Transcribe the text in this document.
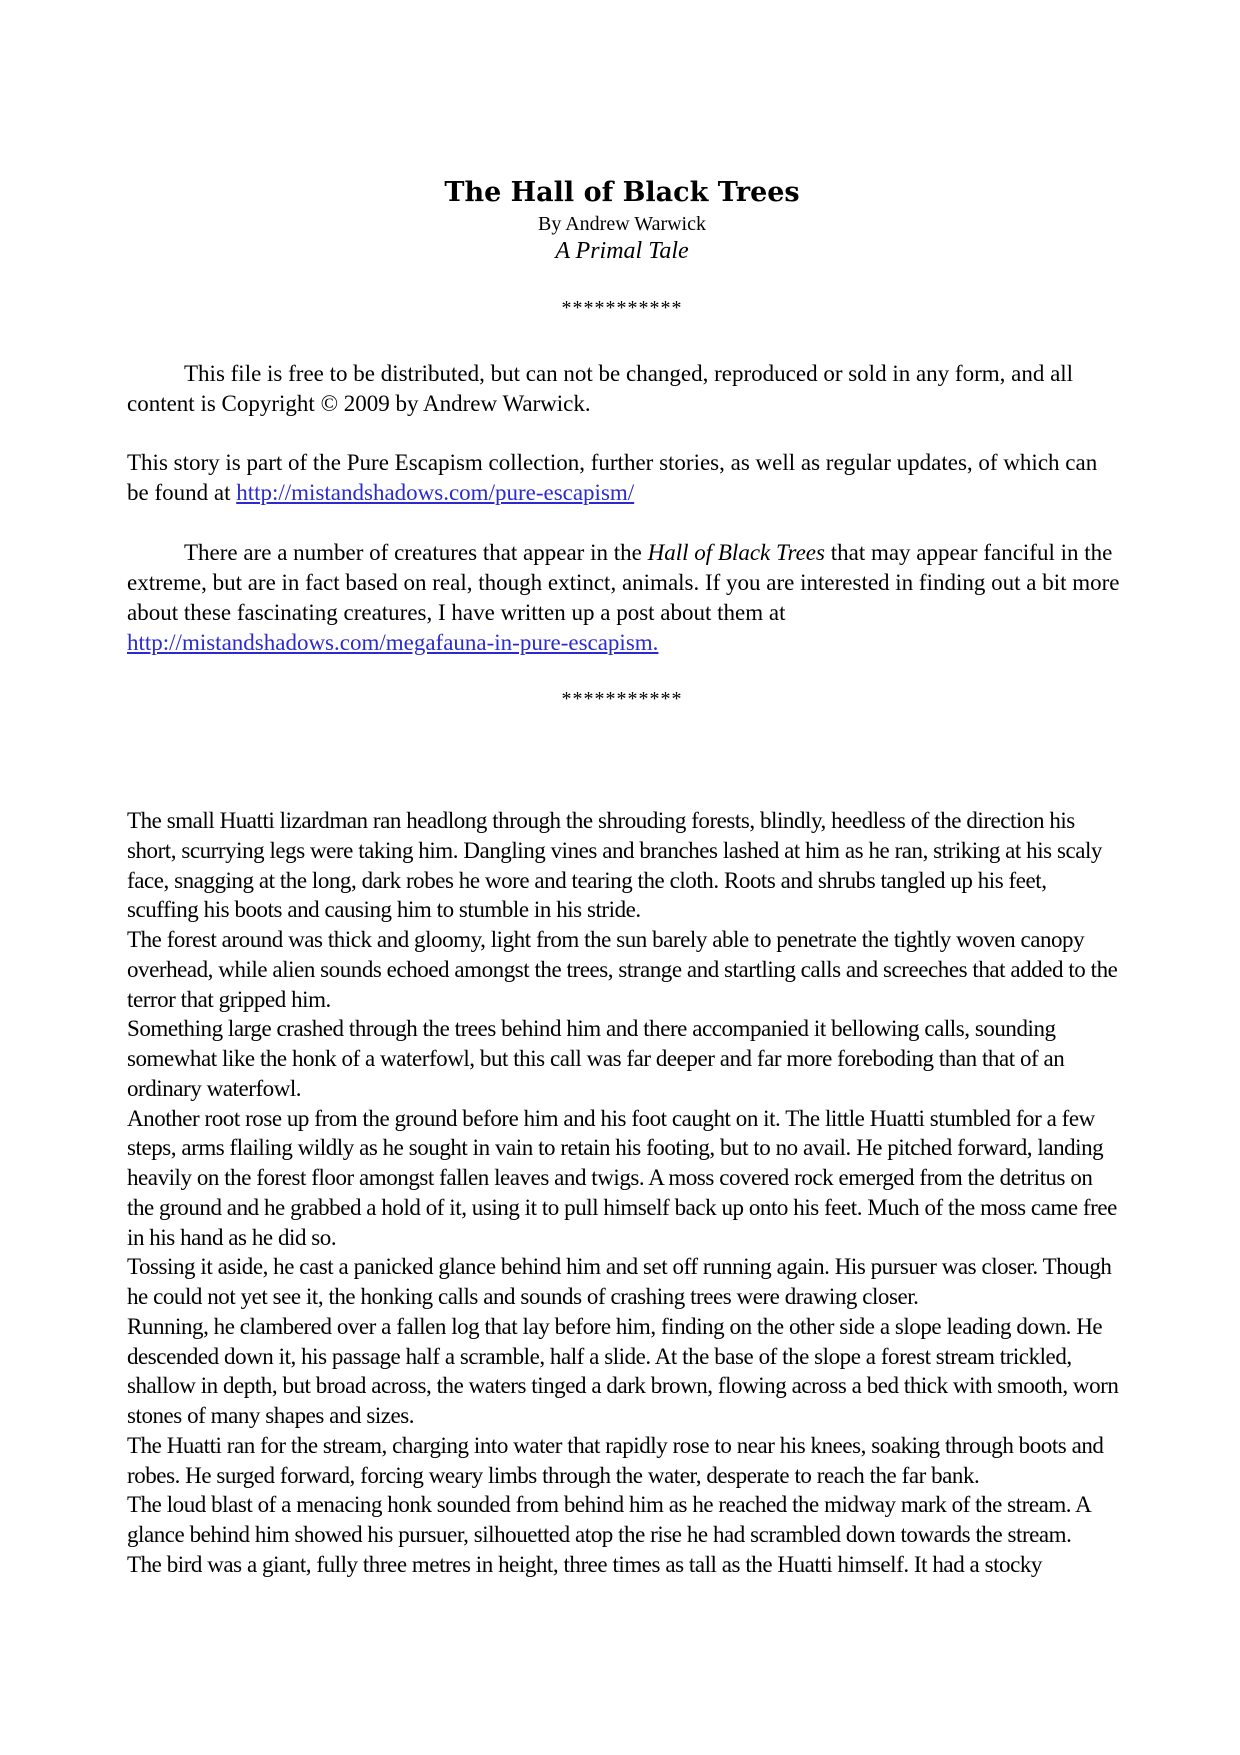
The Hall of Black Trees
By Andrew Warwick
A Primal Tale
***********

This file is free to be distributed, but can not be changed, reproduced or sold in any form, and all content is Copyright © 2009 by Andrew Warwick.

This story is part of the Pure Escapism collection, further stories, as well as regular updates, of which can be found at http://mistandshadows.com/pure-escapism/

There are a number of creatures that appear in the Hall of Black Trees that may appear fanciful in the extreme, but are in fact based on real, though extinct, animals. If you are interested in finding out a bit more about these fascinating creatures, I have written up a post about them at http://mistandshadows.com/megafauna-in-pure-escapism.

***********

The small Huatti lizardman ran headlong through the shrouding forests, blindly, heedless of the direction his short, scurrying legs were taking him. Dangling vines and branches lashed at him as he ran, striking at his scaly face, snagging at the long, dark robes he wore and tearing the cloth. Roots and shrubs tangled up his feet, scuffing his boots and causing him to stumble in his stride.

The forest around was thick and gloomy, light from the sun barely able to penetrate the tightly woven canopy overhead, while alien sounds echoed amongst the trees, strange and startling calls and screeches that added to the terror that gripped him.

Something large crashed through the trees behind him and there accompanied it bellowing calls, sounding somewhat like the honk of a waterfowl, but this call was far deeper and far more foreboding than that of an ordinary waterfowl.

Another root rose up from the ground before him and his foot caught on it. The little Huatti stumbled for a few steps, arms flailing wildly as he sought in vain to retain his footing, but to no avail. He pitched forward, landing heavily on the forest floor amongst fallen leaves and twigs. A moss covered rock emerged from the detritus on the ground and he grabbed a hold of it, using it to pull himself back up onto his feet. Much of the moss came free in his hand as he did so.

Tossing it aside, he cast a panicked glance behind him and set off running again. His pursuer was closer. Though he could not yet see it, the honking calls and sounds of crashing trees were drawing closer.

Running, he clambered over a fallen log that lay before him, finding on the other side a slope leading down. He descended down it, his passage half a scramble, half a slide. At the base of the slope a forest stream trickled, shallow in depth, but broad across, the waters tinged a dark brown, flowing across a bed thick with smooth, worn stones of many shapes and sizes.

The Huatti ran for the stream, charging into water that rapidly rose to near his knees, soaking through boots and robes. He surged forward, forcing weary limbs through the water, desperate to reach the far bank.

The loud blast of a menacing honk sounded from behind him as he reached the midway mark of the stream. A glance behind him showed his pursuer, silhouetted atop the rise he had scrambled down towards the stream.

The bird was a giant, fully three metres in height, three times as tall as the Huatti himself. It had a stocky
